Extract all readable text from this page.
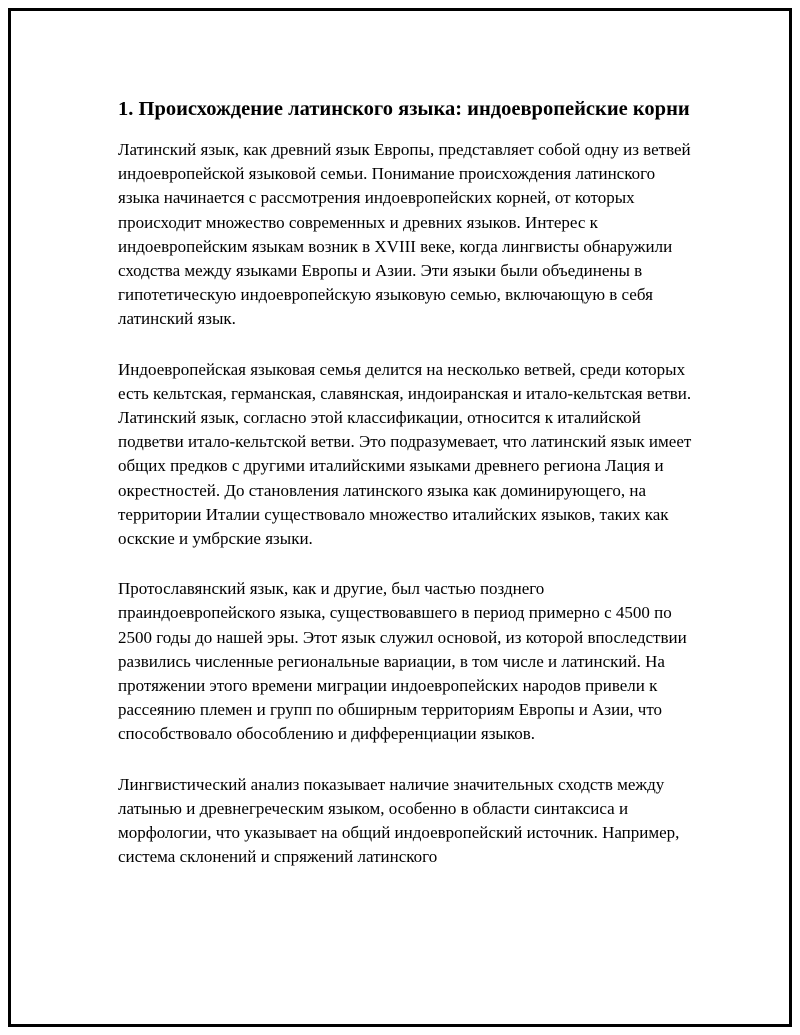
1. Происхождение латинского языка: индоевропейские корни

Латинский язык, как древний язык Европы, представляет собой одну из ветвей индоевропейской языковой семьи. Понимание происхождения латинского языка начинается с рассмотрения индоевропейских корней, от которых происходит множество современных и древних языков. Интерес к индоевропейским языкам возник в XVIII веке, когда лингвисты обнаружили сходства между языками Европы и Азии. Эти языки были объединены в гипотетическую индоевропейскую языковую семью, включающую в себя латинский язык.

Индоевропейская языковая семья делится на несколько ветвей, среди которых есть кельтская, германская, славянская, индоиранская и итало-кельтская ветви. Латинский язык, согласно этой классификации, относится к италийской подветви итало-кельтской ветви. Это подразумевает, что латинский язык имеет общих предков с другими италийскими языками древнего региона Лация и окрестностей. До становления латинского языка как доминирующего, на территории Италии существовало множество италийских языков, таких как оскские и умбрские языки.

Протославянский язык, как и другие, был частью позднего праиндоевропейского языка, существовавшего в период примерно с 4500 по 2500 годы до нашей эры. Этот язык служил основой, из которой впоследствии развились численные региональные вариации, в том числе и латинский. На протяжении этого времени миграции индоевропейских народов привели к рассеянию племен и групп по обширным территориям Европы и Азии, что способствовало обособлению и дифференциации языков.

Лингвистический анализ показывает наличие значительных сходств между латынью и древнегреческим языком, особенно в области синтаксиса и морфологии, что указывает на общий индоевропейский источник. Например, система склонений и спряжений латинского
